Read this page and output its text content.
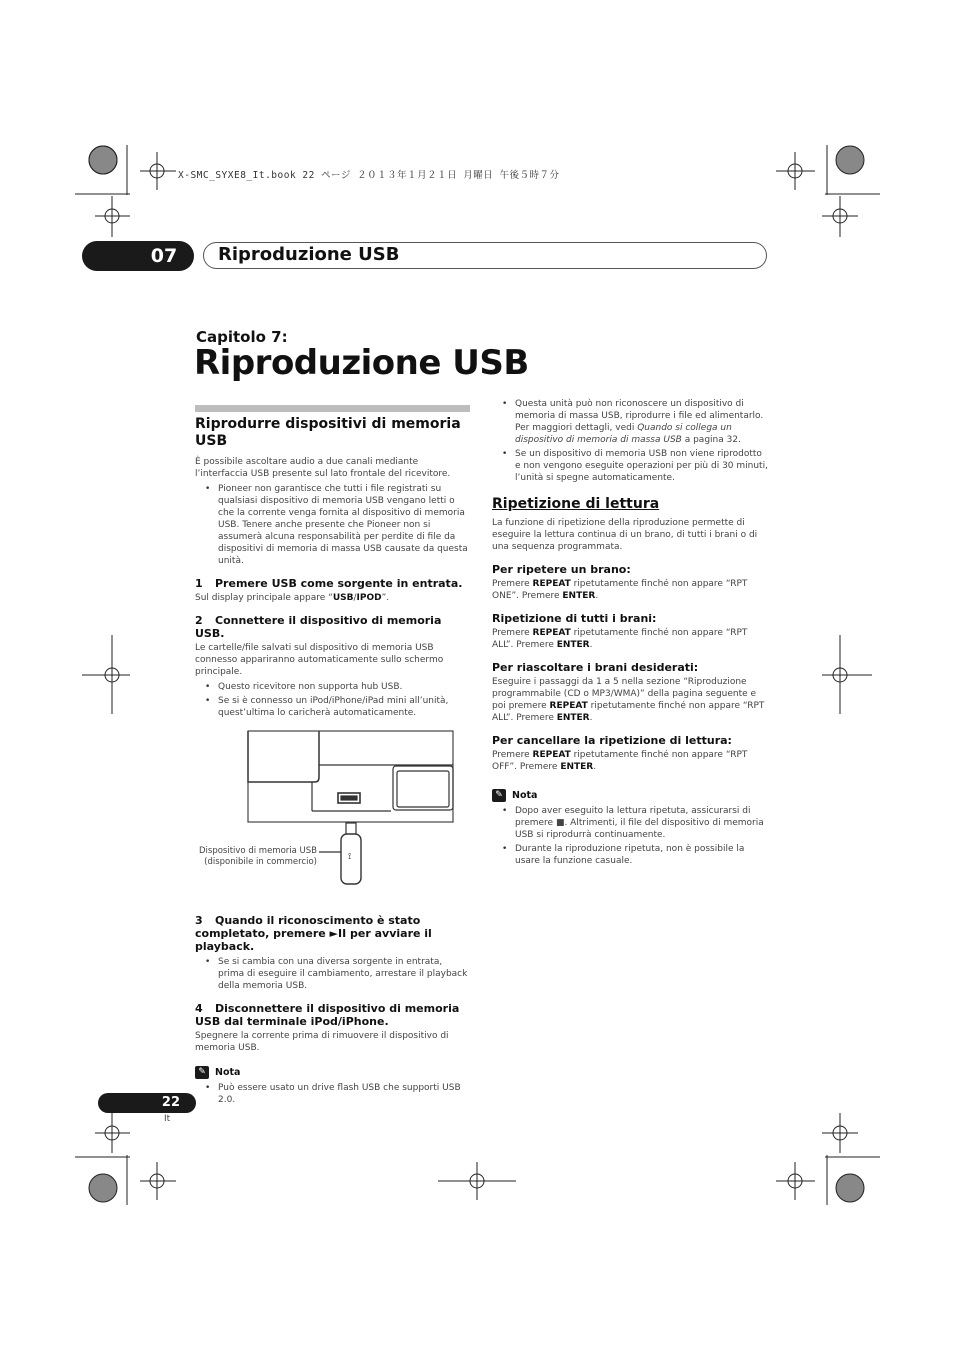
X-SMC_SYXE8_It.book 22 ページ ２０１３年１月２１日 月曜日 午後５時７分
07	Riproduzione USB
Capitolo 7:
Riproduzione USB
Riprodurre dispositivi di memoria USB

È possibile ascoltare audio a due canali mediante l’interfaccia USB presente sul lato frontale del ricevitore.

• Pioneer non garantisce che tutti i file registrati su qualsiasi dispositivo di memoria USB vengano letti o che la corrente venga fornita al dispositivo di memoria USB. Tenere anche presente che Pioneer non si assumerà alcuna responsabilità per perdite di file da dispositivi di memoria di massa USB causate da questa unità.
1 Premere USB come sorgente in entrata.

Sul display principale appare “USB/IPOD”.

2 Connettere il dispositivo di memoria USB.

Le cartelle/file salvati sul dispositivo di memoria USB connesso appariranno automaticamente sullo schermo principale.

• Questo ricevitore non supporta hub USB.
• Se si è connesso un iPod/iPhone/iPad mini all’unità, quest’ultima lo caricherà automaticamente.
⟟
Dispositivo di memoria USB (disponibile in commercio)
3 Quando il riconoscimento è stato completato, premere ►II per avviare il playback.
• Se si cambia con una diversa sorgente in entrata, prima di eseguire il cambiamento, arrestare il playback della memoria USB.
4 Disconnettere il dispositivo di memoria USB dal terminale iPod/iPhone.

Spegnere la corrente prima di rimuovere il dispositivo di memoria USB.

✎ Nota
• Può essere usato un drive flash USB che supporti USB 2.0.
• Questa unità può non riconoscere un dispositivo di memoria di massa USB, riprodurre i file ed alimentarlo. Per maggiori dettagli, vedi Quando si collega un dispositivo di memoria di massa USB a pagina 32.
• Se un dispositivo di memoria USB non viene riprodotto e non vengono eseguite operazioni per più di 30 minuti, l’unità si spegne automaticamente.
Ripetizione di lettura

La funzione di ripetizione della riproduzione permette di eseguire la lettura continua di un brano, di tutti i brani o di una sequenza programmata.

Per ripetere un brano:

Premere REPEAT ripetutamente finché non appare “RPT ONE”. Premere ENTER.

Ripetizione di tutti i brani:

Premere REPEAT ripetutamente finché non appare “RPT ALL”. Premere ENTER.

Per riascoltare i brani desiderati:

Eseguire i passaggi da 1 a 5 nella sezione “Riproduzione programmabile (CD o MP3/WMA)” della pagina seguente e poi premere REPEAT ripetutamente finché non appare “RPT ALL”. Premere ENTER.

Per cancellare la ripetizione di lettura:

Premere REPEAT ripetutamente finché non appare “RPT OFF”. Premere ENTER.

✎ Nota
• Dopo aver eseguito la lettura ripetuta, assicurarsi di premere ■. Altrimenti, il file del dispositivo di memoria USB si riprodurrà continuamente.
• Durante la riproduzione ripetuta, non è possibile la usare la funzione casuale.
22
It
